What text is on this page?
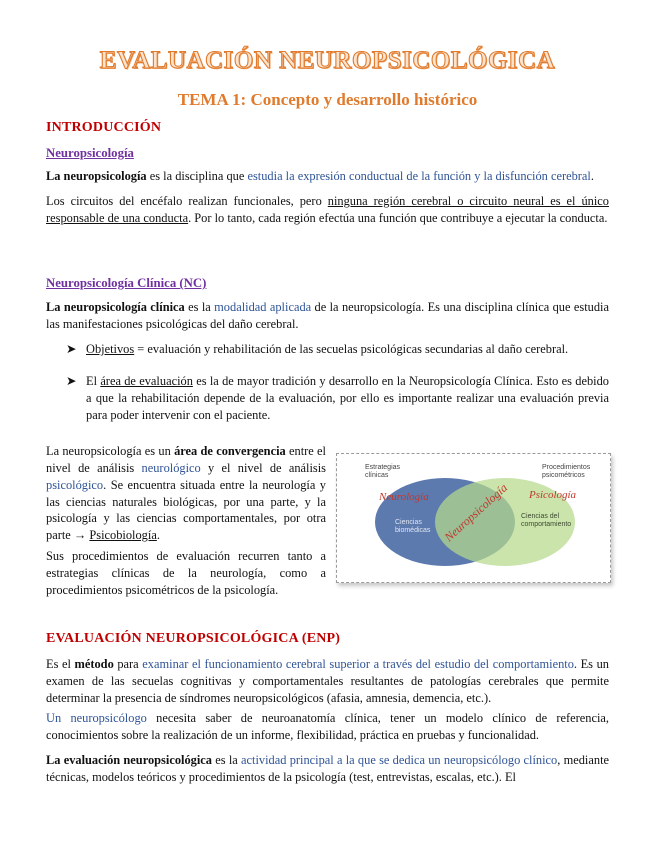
EVALUACIÓN NEUROPSICOLÓGICA
TEMA 1: Concepto y desarrollo histórico
INTRODUCCIÓN
Neuropsicología
La neuropsicología es la disciplina que estudia la expresión conductual de la función y la disfunción cerebral.
Los circuitos del encéfalo realizan funcionales, pero ninguna región cerebral o circuito neural es el único responsable de una conducta. Por lo tanto, cada región efectúa una función que contribuye a ejecutar la conducta.
Neuropsicología Clínica (NC)
La neuropsicología clínica es la modalidad aplicada de la neuropsicología. Es una disciplina clínica que estudia las manifestaciones psicológicas del daño cerebral.
➤ Objetivos = evaluación y rehabilitación de las secuelas psicológicas secundarias al daño cerebral.
➤ El área de evaluación es la de mayor tradición y desarrollo en la Neuropsicología Clínica. Esto es debido a que la rehabilitación depende de la evaluación, por ello es importante realizar una evaluación previa para poder intervenir con el paciente.
La neuropsicología es un área de convergencia entre el nivel de análisis neurológico y el nivel de análisis psicológico. Se encuentra situada entre la neurología y las ciencias naturales biológicas, por una parte, y la psicología y las ciencias comportamentales, por otra parte → Psicobiología.
Sus procedimientos de evaluación recurren tanto a estrategias clínicas de la neurología, como a procedimientos psicométricos de la psicología.
Estrategias
clínicas
Procedimientos
psicométricos
Neurología	Psicología
Neuropsicología
Ciencias
biomédicas
Ciencias del
comportamiento
EVALUACIÓN NEUROPSICOLÓGICA (ENP)
Es el método para examinar el funcionamiento cerebral superior a través del estudio del comportamiento. Es un examen de las secuelas cognitivas y comportamentales resultantes de patologías cerebrales que permite determinar la presencia de síndromes neuropsicológicos (afasia, amnesia, demencia, etc.).
Un neuropsicólogo necesita saber de neuroanatomía clínica, tener un modelo clínico de referencia, conocimientos sobre la realización de un informe, flexibilidad, práctica en pruebas y funcionalidad.
La evaluación neuropsicológica es la actividad principal a la que se dedica un neuropsicólogo clínico, mediante técnicas, modelos teóricos y procedimientos de la psicología (test, entrevistas, escalas, etc.). El
